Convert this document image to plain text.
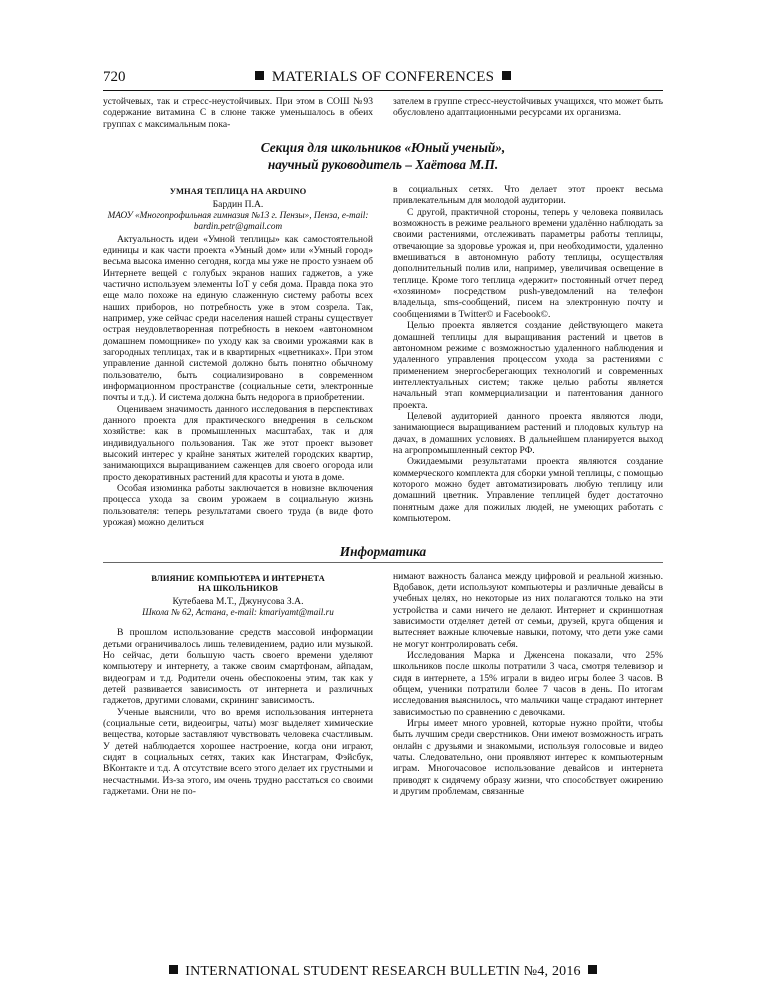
720	MATERIALS OF CONFERENCES

устойчевых, так и стресс-неустойчивых. При этом в СОШ №93 содержание витамина С в слюне также уменьшалось в обеих группах с максимальным пока-

зателем в группе стресс-неустойчивых учащихся, что может быть обусловлено адаптационными ресурсами их организма.

Секция для школьников «Юный ученый»,
научный руководитель – Хаётова М.П.
УМНАЯ ТЕПЛИЦА НА ARDUINO
Бардин П.А.
МАОУ «Многопрофильная гимназия №13 г. Пензы», Пенза, e-mail: bardin.petr@gmail.com

Актуальность идеи «Умной теплицы» как самостоятельной единицы и как части проекта «Умный дом» или «Умный город» весьма высока именно сегодня, когда мы уже не просто узнаем об Интернете вещей с голубых экранов наших гаджетов, а уже частично используем элементы IoT у себя дома. Правда пока это еще мало похоже на единую слаженную систему работы всех наших приборов, но потребность уже в этом созрела. Так, например, уже сейчас среди населения нашей страны существует острая неудовлетворенная потребность в некоем «автономном домашнем помощнике» по уходу как за своими урожаями как в загородных теплицах, так и в квартирных «цветниках». При этом управление данной системой должно быть понятно обычному пользователю, быть социализировано в современном информационном пространстве (социальные сети, электронные почты и т.д.). И система должна быть недорога в приобретении.

Оцениваем значимость данного исследования в перспективах данного проекта для практического внедрения в сельском хозяйстве: как в промышленных масштабах, так и для индивидуального пользования. Так же этот проект вызовет высокий интерес у крайне занятых жителей городских квартир, занимающихся выращиванием саженцев для своего огорода или просто декоративных растений для красоты и уюта в доме.

Особая изюминка работы заключается в новизне включения процесса ухода за своим урожаем в социальную жизнь пользователя: теперь результатами своего труда (в виде фото урожая) можно делиться

в социальных сетях. Что делает этот проект весьма привлекательным для молодой аудитории.

С другой, практичной стороны, теперь у человека появилась возможность в режиме реального времени удалённо наблюдать за своими растениями, отслеживать параметры работы теплицы, отвечающие за здоровье урожая и, при необходимости, удаленно вмешиваться в автономную работу теплицы, осуществляя дополнительный полив или, например, увеличивая освещение в теплице. Кроме того теплица «держит» постоянный отчет перед «хозяином» посредством push-уведомлений на телефон владельца, sms-сообщений, писем на электронную почту и сообщениями в Twitter© и Facebook©.

Целью проекта является создание действующего макета домашней теплицы для выращивания растений и цветов в автономном режиме с возможностью удаленного наблюдения и удаленного управления процессом ухода за растениями с применением энергосберегающих технологий и современных интеллектуальных систем; также целью работы является начальный этап коммерциализации и патентования данного проекта.

Целевой аудиторией данного проекта являются люди, занимающиеся выращиванием растений и плодовых культур на дачах, в домашних условиях. В дальнейшем планируется выход на агропромышленный сектор РФ.

Ожидаемыми результатами проекта являются создание коммерческого комплекта для сборки умной теплицы, с помощью которого можно будет автоматизировать любую теплицу или домашний цветник. Управление теплицей будет достаточно понятным даже для пожилых людей, не умеющих работать с компьютером.

Информатика
ВЛИЯНИЕ КОМПЬЮТЕРА И ИНТЕРНЕТА
НА ШКОЛЬНИКОВ
Кутебаева М.Т., Джунусова З.А.
Школа № 62, Астана, e-mail: kmariyamt@mail.ru

В прошлом использование средств массовой информации детьми ограничивалось лишь телевидением, радио или музыкой. Но сейчас, дети большую часть своего времени уделяют компьютеру и интернету, а также своим смартфонам, айпадам, видеограм и т.д. Родители очень обеспокоены этим, так как у детей развивается зависимость от интернета и различных гаджетов, другими словами, скрининг зависимость.

Ученые выяснили, что во время использования интернета (социальные сети, видеоигры, чаты) мозг выделяет химические вещества, которые заставляют чувствовать человека счастливым. У детей наблюдается хорошее настроение, когда они играют, сидят в социальных сетях, таких как Инстаграм, Фэйсбук, ВКонтакте и т.д. А отсутствие всего этого делает их грустными и несчастными. Из-за этого, им очень трудно расстаться со своими гаджетами. Они не по-

нимают важность баланса между цифровой и реальной жизнью. Вдобавок, дети используют компьютеры и различные девайсы в учебных целях, но некоторые из них полагаются только на эти устройства и сами ничего не делают. Интернет и скриншотная зависимости отделяет детей от семьи, друзей, круга общения и вытесняет важные ключевые навыки, потому, что дети уже сами не могут контролировать себя.

Исследования Марка и Дженсена показали, что 25% школьников после школы потратили 3 часа, смотря телевизор и сидя в интернете, а 15% играли в видео игры более 3 часов. В общем, ученики потратили более 7 часов в день. По итогам исследования выяснилось, что мальчики чаще страдают интернет зависимостью по сравнению с девочками.

Игры имеет много уровней, которые нужно пройти, чтобы быть лучшим среди сверстников. Они имеют возможность играть онлайн с друзьями и знакомыми, используя голосовые и видео чаты. Следовательно, они проявляют интерес к компьютерным играм. Многочасовое использование девайсов и интернета приводят к сидячему образу жизни, что способствует ожирению и другим проблемам, связанные

INTERNATIONAL STUDENT RESEARCH BULLETIN №4, 2016
